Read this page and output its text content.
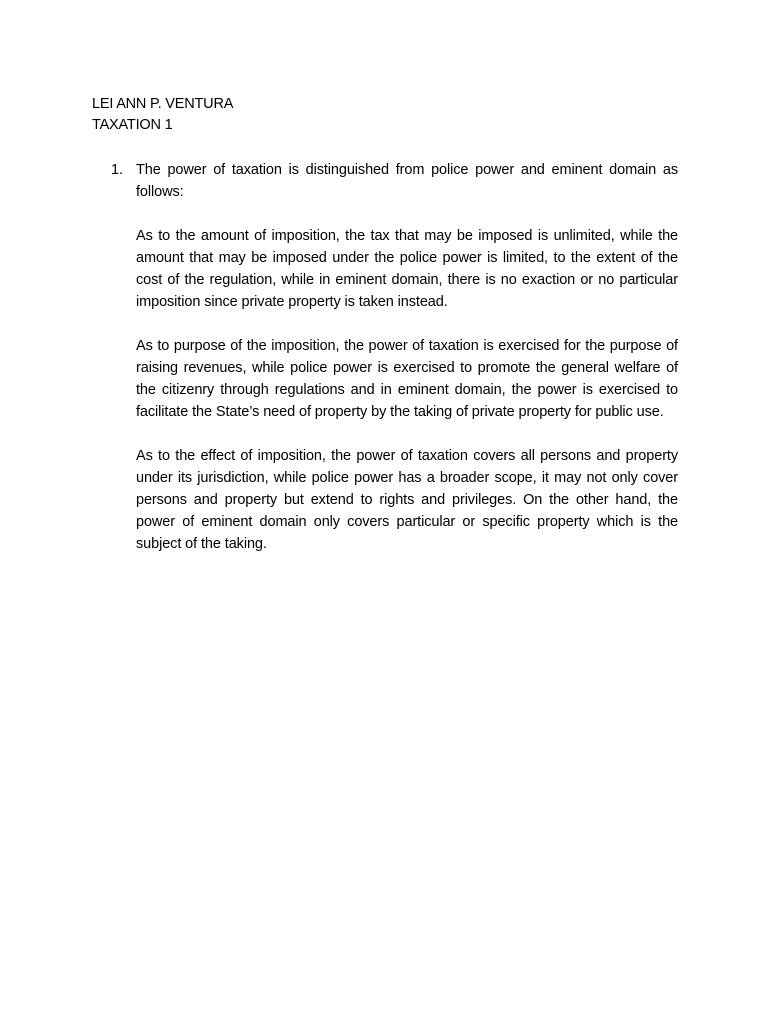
LEI ANN P. VENTURA
TAXATION 1
1. The power of taxation is distinguished from police power and eminent domain as follows:

As to the amount of imposition, the tax that may be imposed is unlimited, while the amount that may be imposed under the police power is limited, to the extent of the cost of the regulation, while in eminent domain, there is no exaction or no particular imposition since private property is taken instead.

As to purpose of the imposition, the power of taxation is exercised for the purpose of raising revenues, while police power is exercised to promote the general welfare of the citizenry through regulations and in eminent domain, the power is exercised to facilitate the State’s need of property by the taking of private property for public use.

As to the effect of imposition, the power of taxation covers all persons and property under its jurisdiction, while police power has a broader scope, it may not only cover persons and property but extend to rights and privileges. On the other hand, the power of eminent domain only covers particular or specific property which is the subject of the taking.
